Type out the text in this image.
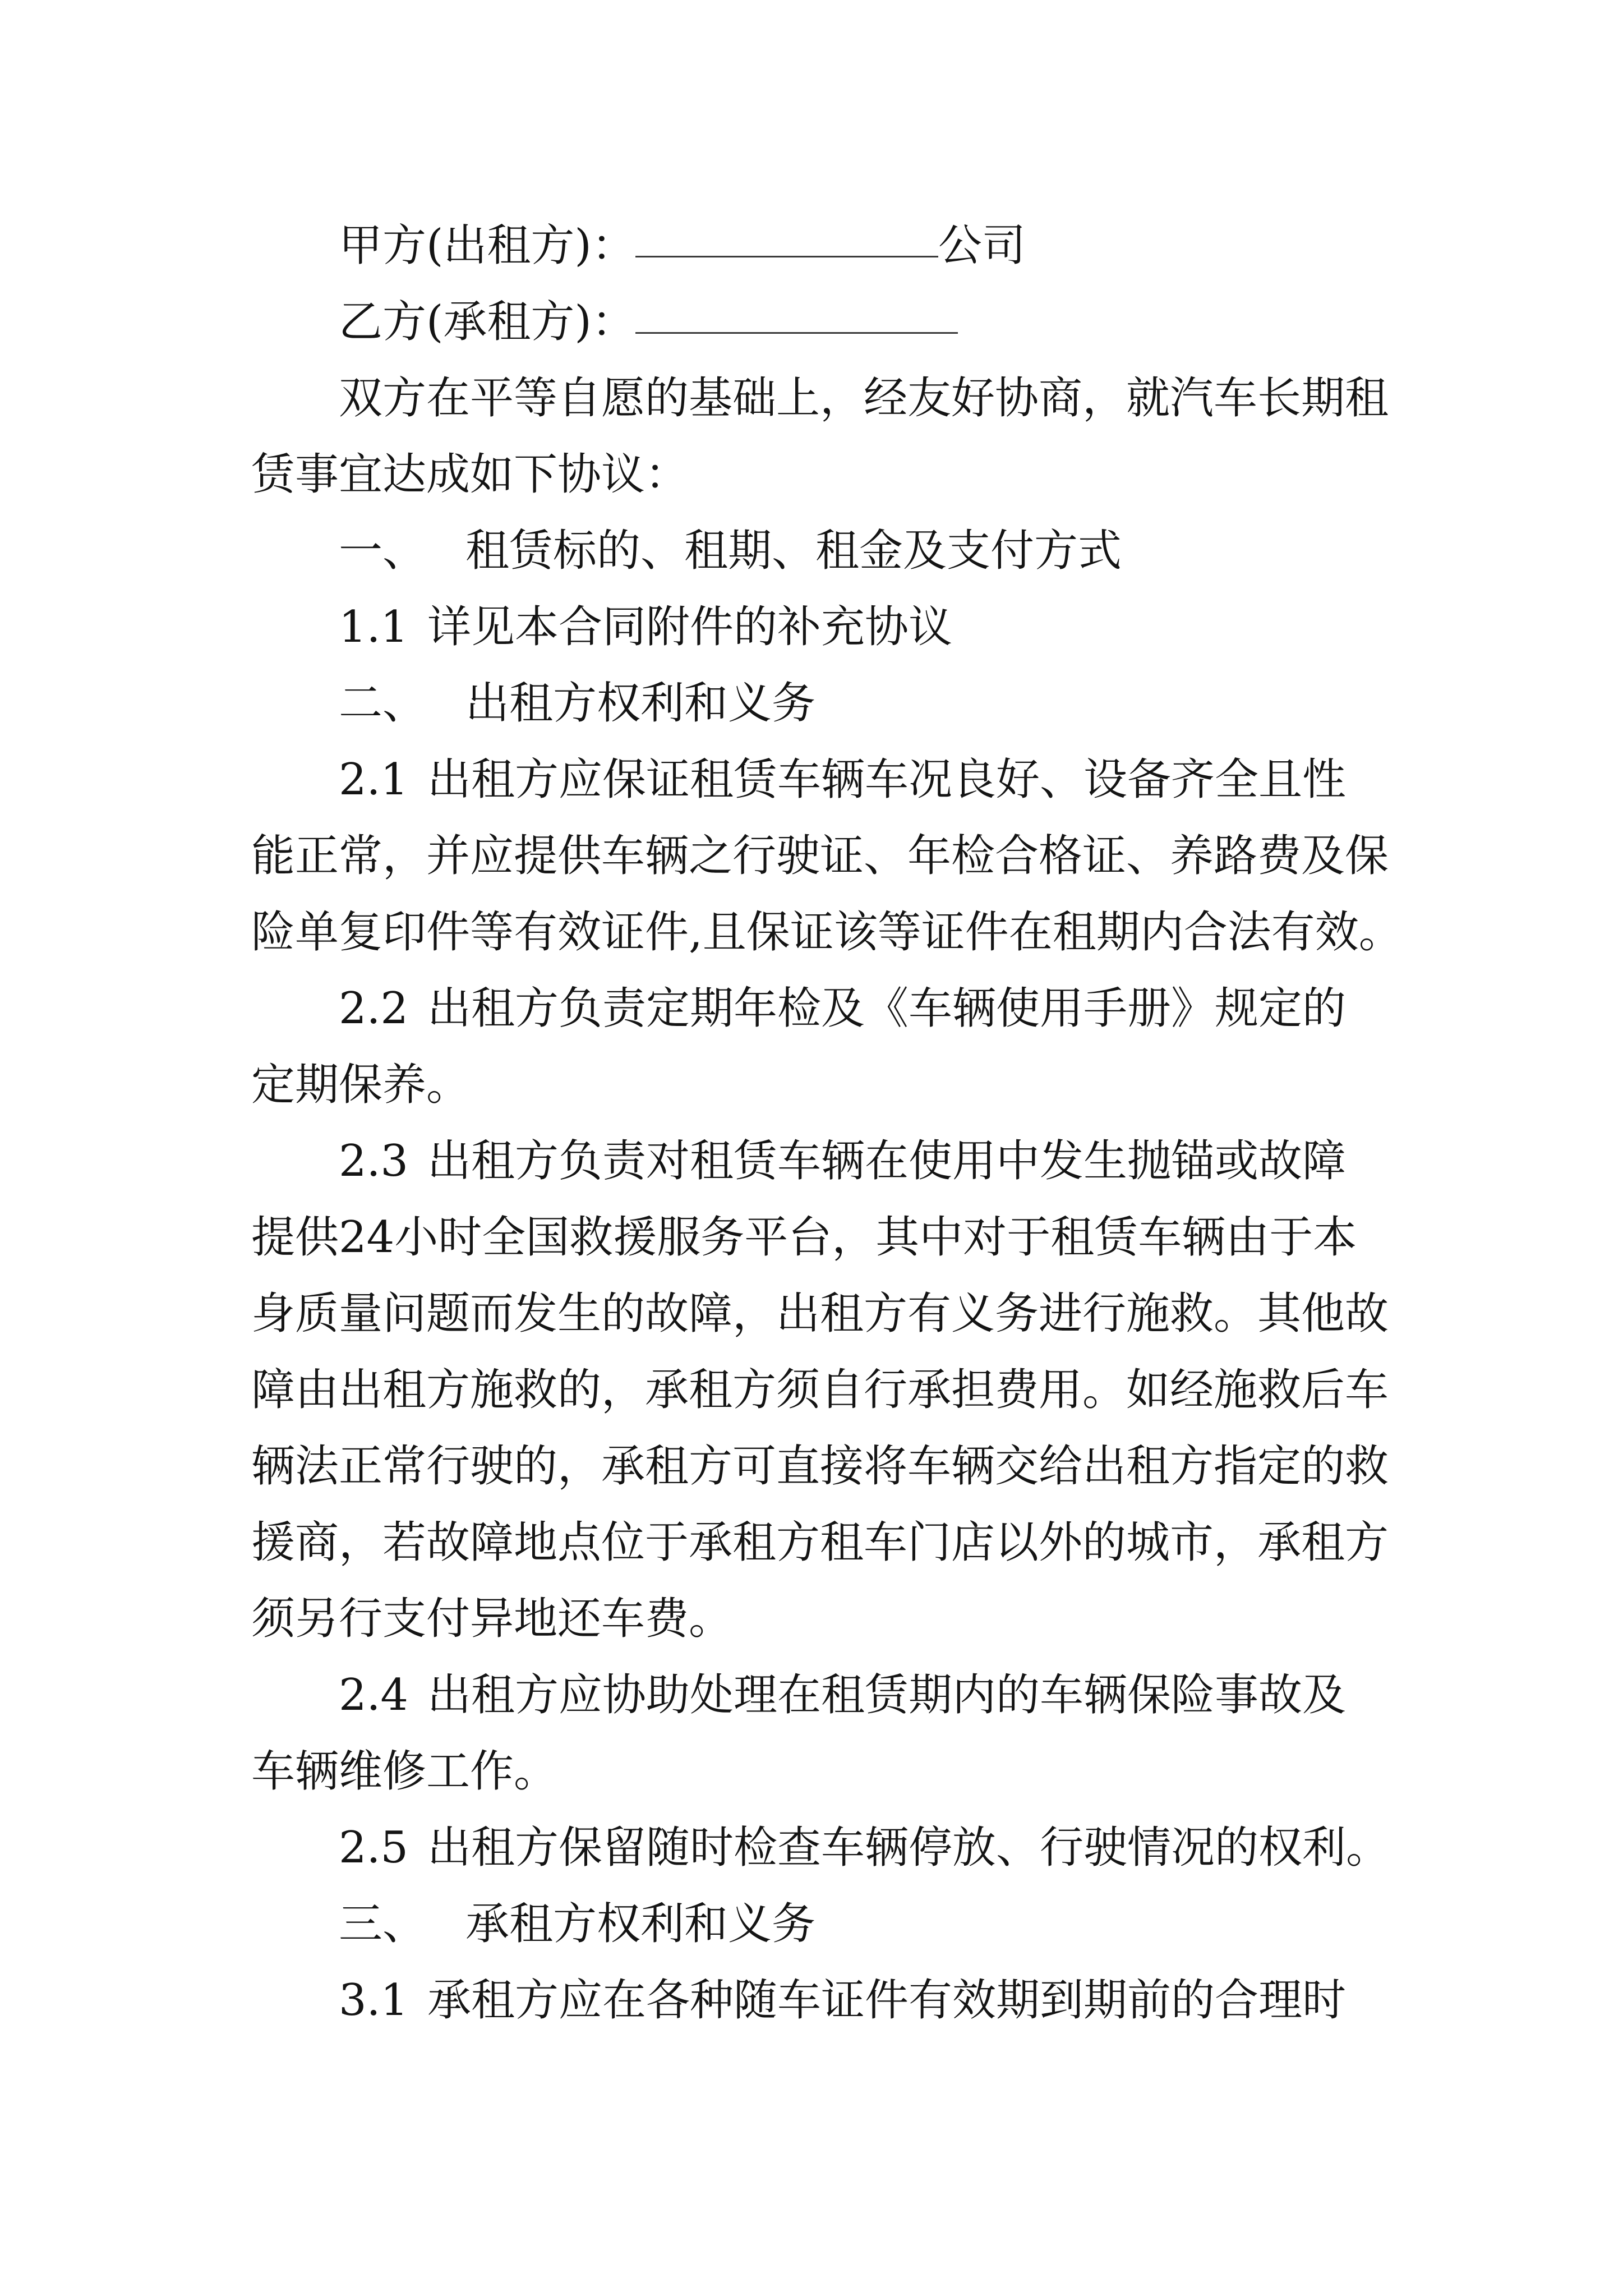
甲方(出租方)：	公司
乙方(承租方)：
双方在平等自愿的基础上，经友好协商，就汽车长期租
赁事宜达成如下协议：
一、 租赁标的、租期、租金及支付方式
1.1 详见本合同附件的补充协议
二、 出租方权利和义务
2.1 出租方应保证租赁车辆车况良好、设备齐全且性
能正常，并应提供车辆之行驶证、年检合格证、养路费及保
险单复印件等有效证件,且保证该等证件在租期内合法有效。
2.2 出租方负责定期年检及《车辆使用手册》规定的
定期保养。
2.3 出租方负责对租赁车辆在使用中发生抛锚或故障
提供24小时全国救援服务平台，其中对于租赁车辆由于本
身质量问题而发生的故障，出租方有义务进行施救。其他故
障由出租方施救的，承租方须自行承担费用。如经施救后车
辆法正常行驶的，承租方可直接将车辆交给出租方指定的救
援商，若故障地点位于承租方租车门店以外的城市，承租方
须另行支付异地还车费。
2.4 出租方应协助处理在租赁期内的车辆保险事故及
车辆维修工作。
2.5 出租方保留随时检查车辆停放、行驶情况的权利。
三、 承租方权利和义务
3.1 承租方应在各种随车证件有效期到期前的合理时
